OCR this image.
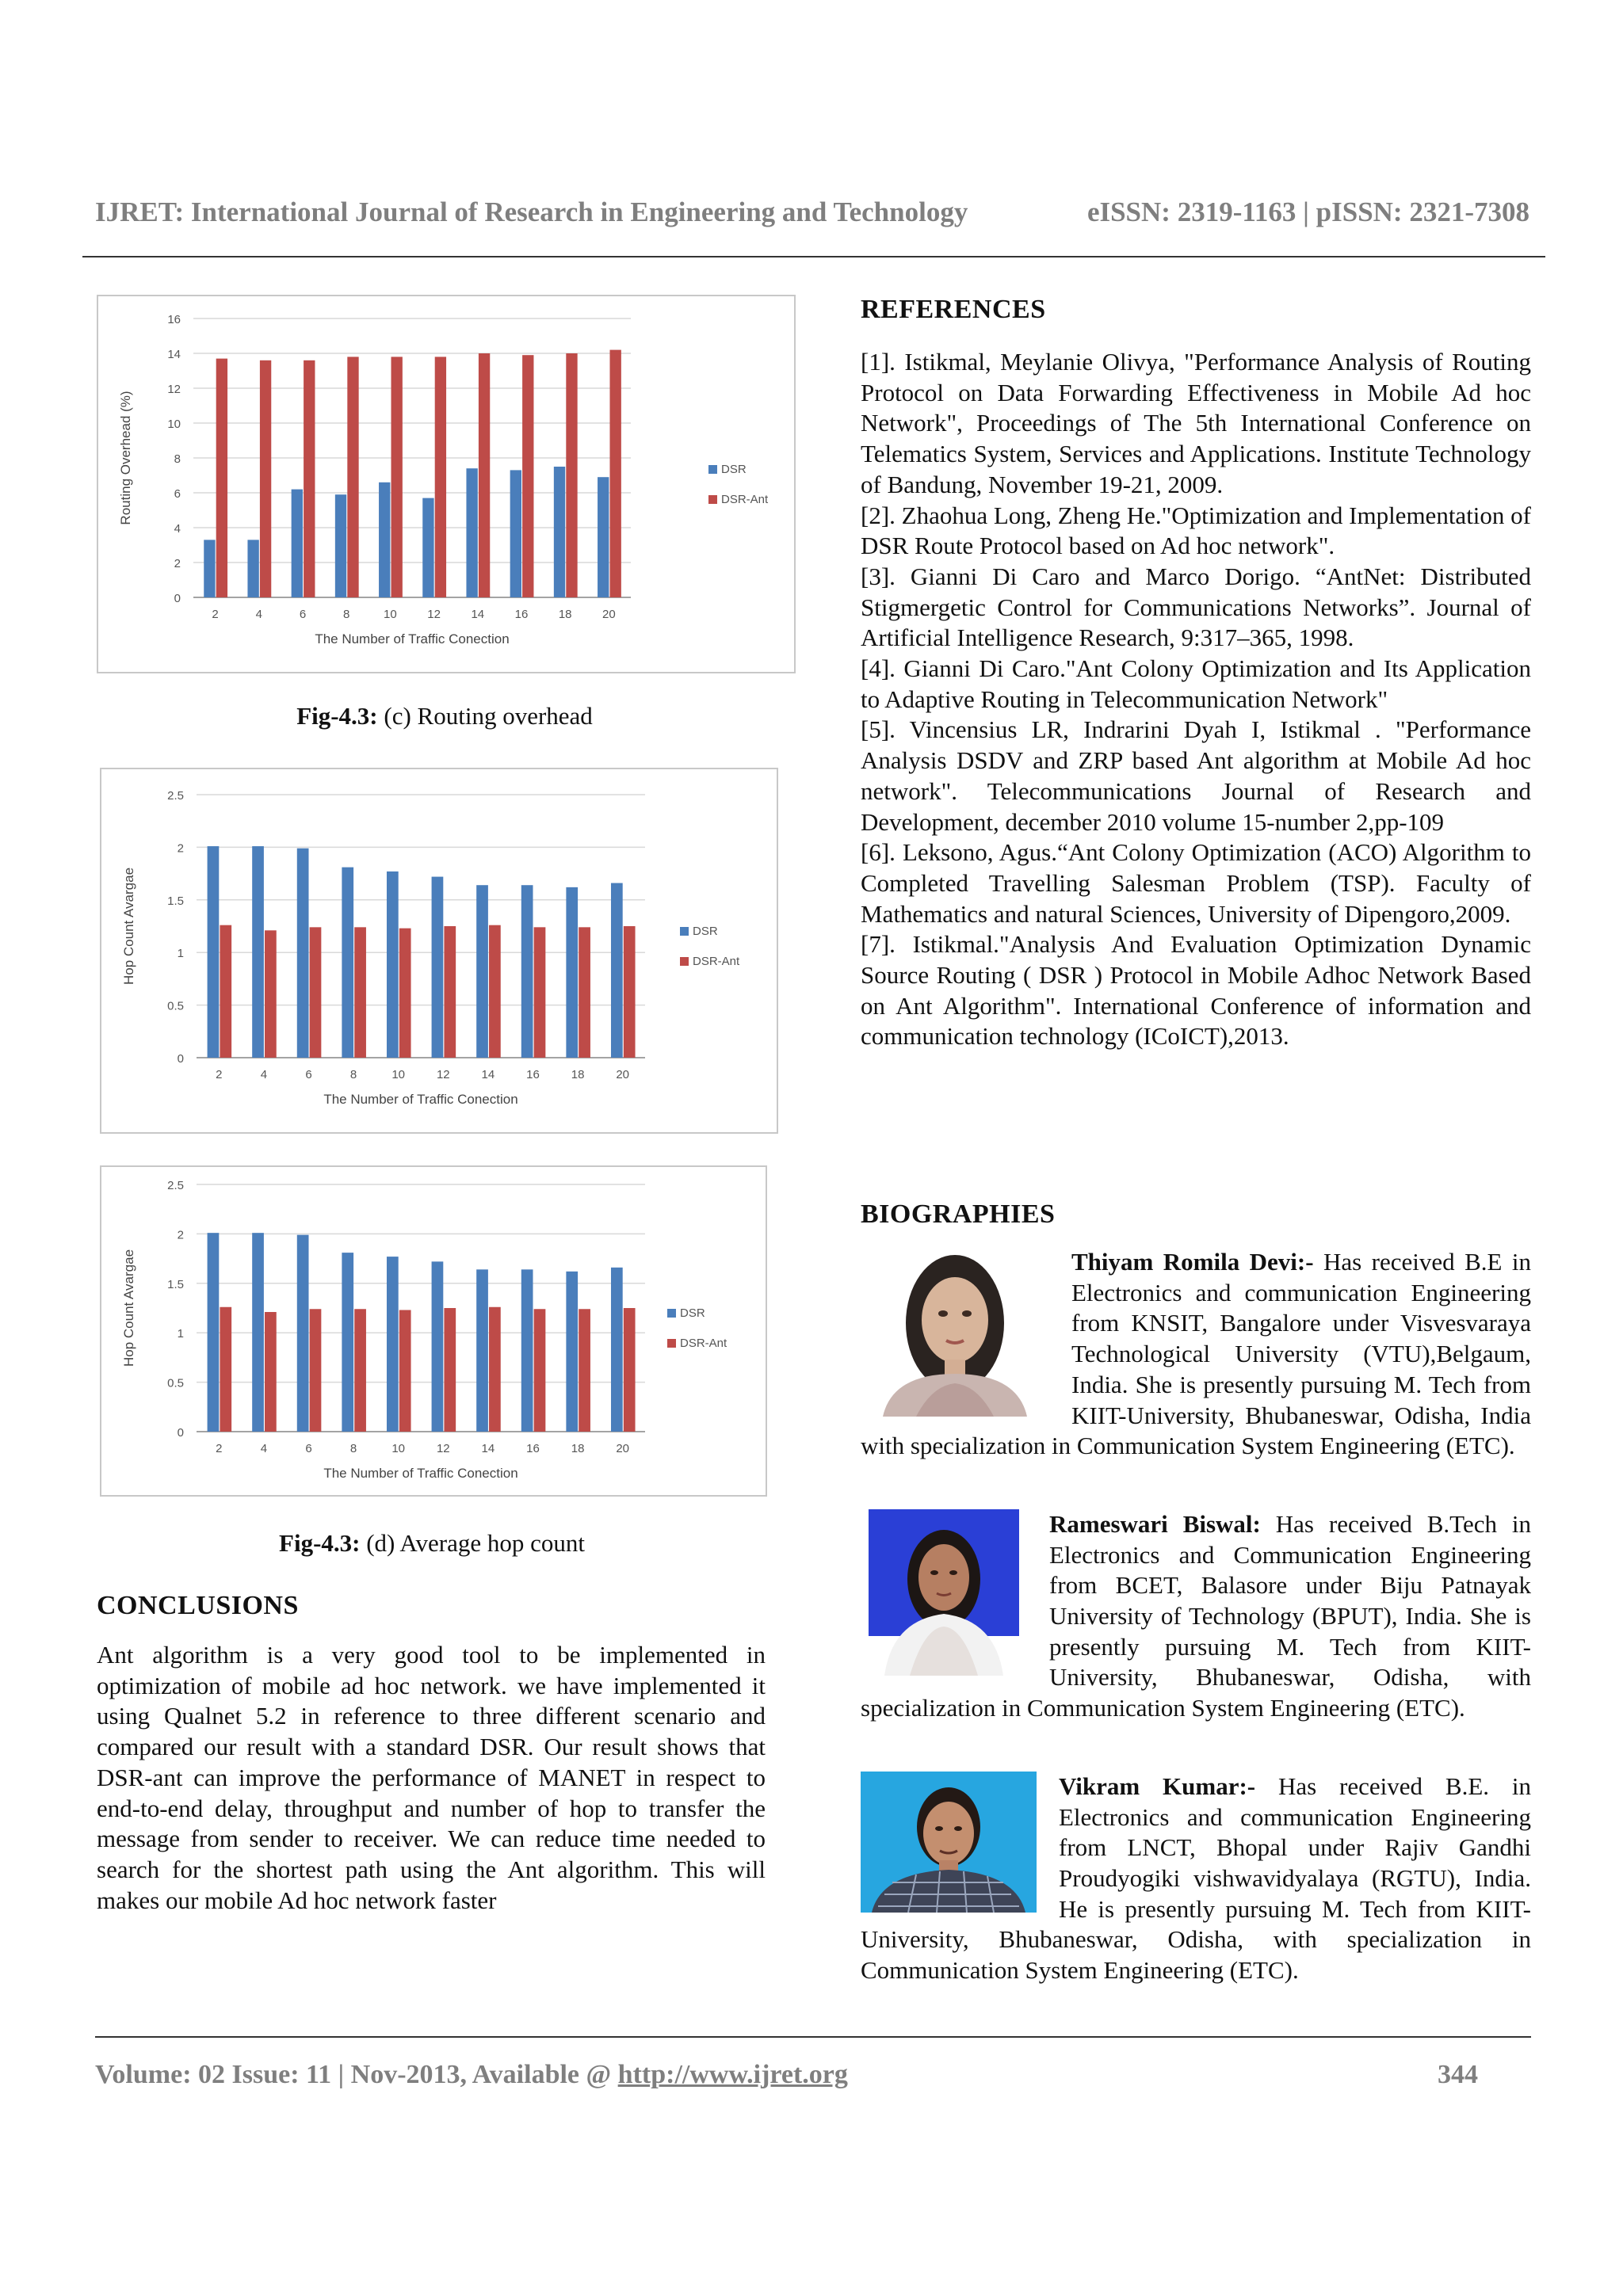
IJRET: International Journal of Research in Engineering and Technology	eISSN: 2319-1163 | pISSN: 2321-7308
0
2
4
6
8
10
12
14
16
2	4	6	8	10	12	14	16	18	20
The Number of Traffic Conection
Routing Overhead (%)	DSR
DSR-Ant
Fig-4.3: (c) Routing overhead
0
0.5
1
1.5
2
2.5
2	4	6	8	10	12	14	16	18	20
The Number of Traffic Conection
Hop Count Avargae	DSR
DSR-Ant
0
0.5
1
1.5
2
2.5
2	4	6	8	10	12	14	16	18	20
The Number of Traffic Conection
Hop Count Avargae	DSR
DSR-Ant
Fig-4.3: (d) Average hop count
CONCLUSIONS

Ant algorithm is a very good tool to be implemented in optimization of mobile ad hoc network. we have implemented it using Qualnet 5.2 in reference to three different scenario and compared our result with a standard DSR. Our result shows that DSR-ant can improve the performance of MANET in respect to end-to-end delay, throughput and number of hop to transfer the message from sender to receiver. We can reduce time needed to search for the shortest path using the Ant algorithm. This will makes our mobile Ad hoc network faster

REFERENCES

[1]. Istikmal, Meylanie Olivya, "Performance Analysis of Routing Protocol on Data Forwarding Effectiveness in Mobile Ad hoc Network", Proceedings of The 5th International Conference on Telematics System, Services and Applications. Institute Technology of Bandung, November 19-21, 2009.

[2]. Zhaohua Long, Zheng He."Optimization and Implementation of DSR Route Protocol based on Ad hoc network".

[3]. Gianni Di Caro and Marco Dorigo. “AntNet: Distributed Stigmergetic Control for Communications Networks”. Journal of Artificial Intelligence Research, 9:317–365, 1998.

[4]. Gianni Di Caro."Ant Colony Optimization and Its Application to Adaptive Routing in Telecommunication Network"

[5]. Vincensius LR, Indrarini Dyah I, Istikmal . "Performance Analysis DSDV and ZRP based Ant algorithm at Mobile Ad hoc network". Telecommunications Journal of Research and Development, december 2010 volume 15-number 2,pp-109

[6]. Leksono, Agus.“Ant Colony Optimization (ACO) Algorithm to Completed Travelling Salesman Problem (TSP). Faculty of Mathematics and natural Sciences, University of Dipengoro,2009.

[7]. Istikmal."Analysis And Evaluation Optimization Dynamic Source Routing ( DSR ) Protocol in Mobile Adhoc Network Based on Ant Algorithm". International Conference of information and communication technology (ICoICT),2013.

BIOGRAPHIES
Thiyam Romila Devi:- Has received B.E in Electronics and communication Engineering from KNSIT, Bangalore under Visvesvaraya Technological University (VTU),Belgaum, India. She is presently pursuing M. Tech from KIIT-University, Bhubaneswar, Odisha, India with specialization in Communication System Engineering (ETC).
Rameswari Biswal: Has received B.Tech in Electronics and Communication Engineering from BCET, Balasore under Biju Patnayak University of Technology (BPUT), India. She is presently pursuing M. Tech from KIIT-University, Bhubaneswar, Odisha, with specialization in Communication System Engineering (ETC).
Vikram Kumar:- Has received B.E. in Electronics and communication Engineering from LNCT, Bhopal under Rajiv Gandhi Proudyogiki vishwavidyalaya (RGTU), India. He is presently pursuing M. Tech from KIIT-University, Bhubaneswar, Odisha, with specialization in Communication System Engineering (ETC).
Volume: 02 Issue: 11 | Nov-2013, Available @ http://www.ijret.org	344
